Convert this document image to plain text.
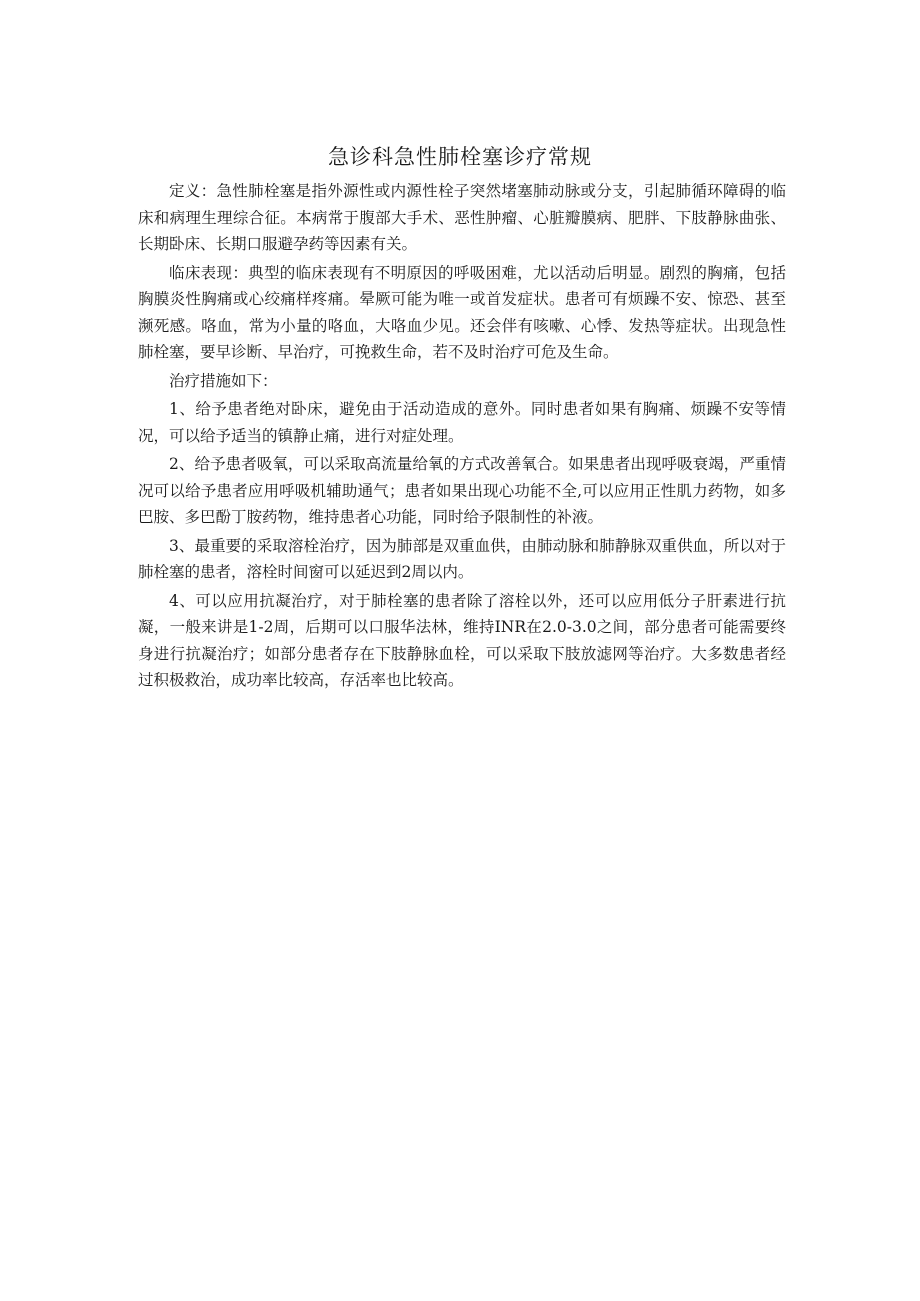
急诊科急性肺栓塞诊疗常规

定义：急性肺栓塞是指外源性或内源性栓子突然堵塞肺动脉或分支，引起肺循环障碍的临床和病理生理综合征。本病常于腹部大手术、恶性肿瘤、心脏瓣膜病、肥胖、下肢静脉曲张、长期卧床、长期口服避孕药等因素有关。

临床表现：典型的临床表现有不明原因的呼吸困难，尤以活动后明显。剧烈的胸痛，包括胸膜炎性胸痛或心绞痛样疼痛。晕厥可能为唯一或首发症状。患者可有烦躁不安、惊恐、甚至濒死感。咯血，常为小量的咯血，大咯血少见。还会伴有咳嗽、心悸、发热等症状。出现急性肺栓塞，要早诊断、早治疗，可挽救生命，若不及时治疗可危及生命。

治疗措施如下：

1、给予患者绝对卧床，避免由于活动造成的意外。同时患者如果有胸痛、烦躁不安等情况，可以给予适当的镇静止痛，进行对症处理。

2、给予患者吸氧，可以采取高流量给氧的方式改善氧合。如果患者出现呼吸衰竭，严重情况可以给予患者应用呼吸机辅助通气；患者如果出现心功能不全,可以应用正性肌力药物，如多巴胺、多巴酚丁胺药物，维持患者心功能，同时给予限制性的补液。

3、最重要的采取溶栓治疗，因为肺部是双重血供，由肺动脉和肺静脉双重供血，所以对于肺栓塞的患者，溶栓时间窗可以延迟到2周以内。

4、可以应用抗凝治疗，对于肺栓塞的患者除了溶栓以外，还可以应用低分子肝素进行抗凝，一般来讲是1-2周，后期可以口服华法林，维持INR在2.0-3.0之间，部分患者可能需要终身进行抗凝治疗；如部分患者存在下肢静脉血栓，可以采取下肢放滤网等治疗。大多数患者经过积极救治，成功率比较高，存活率也比较高。
